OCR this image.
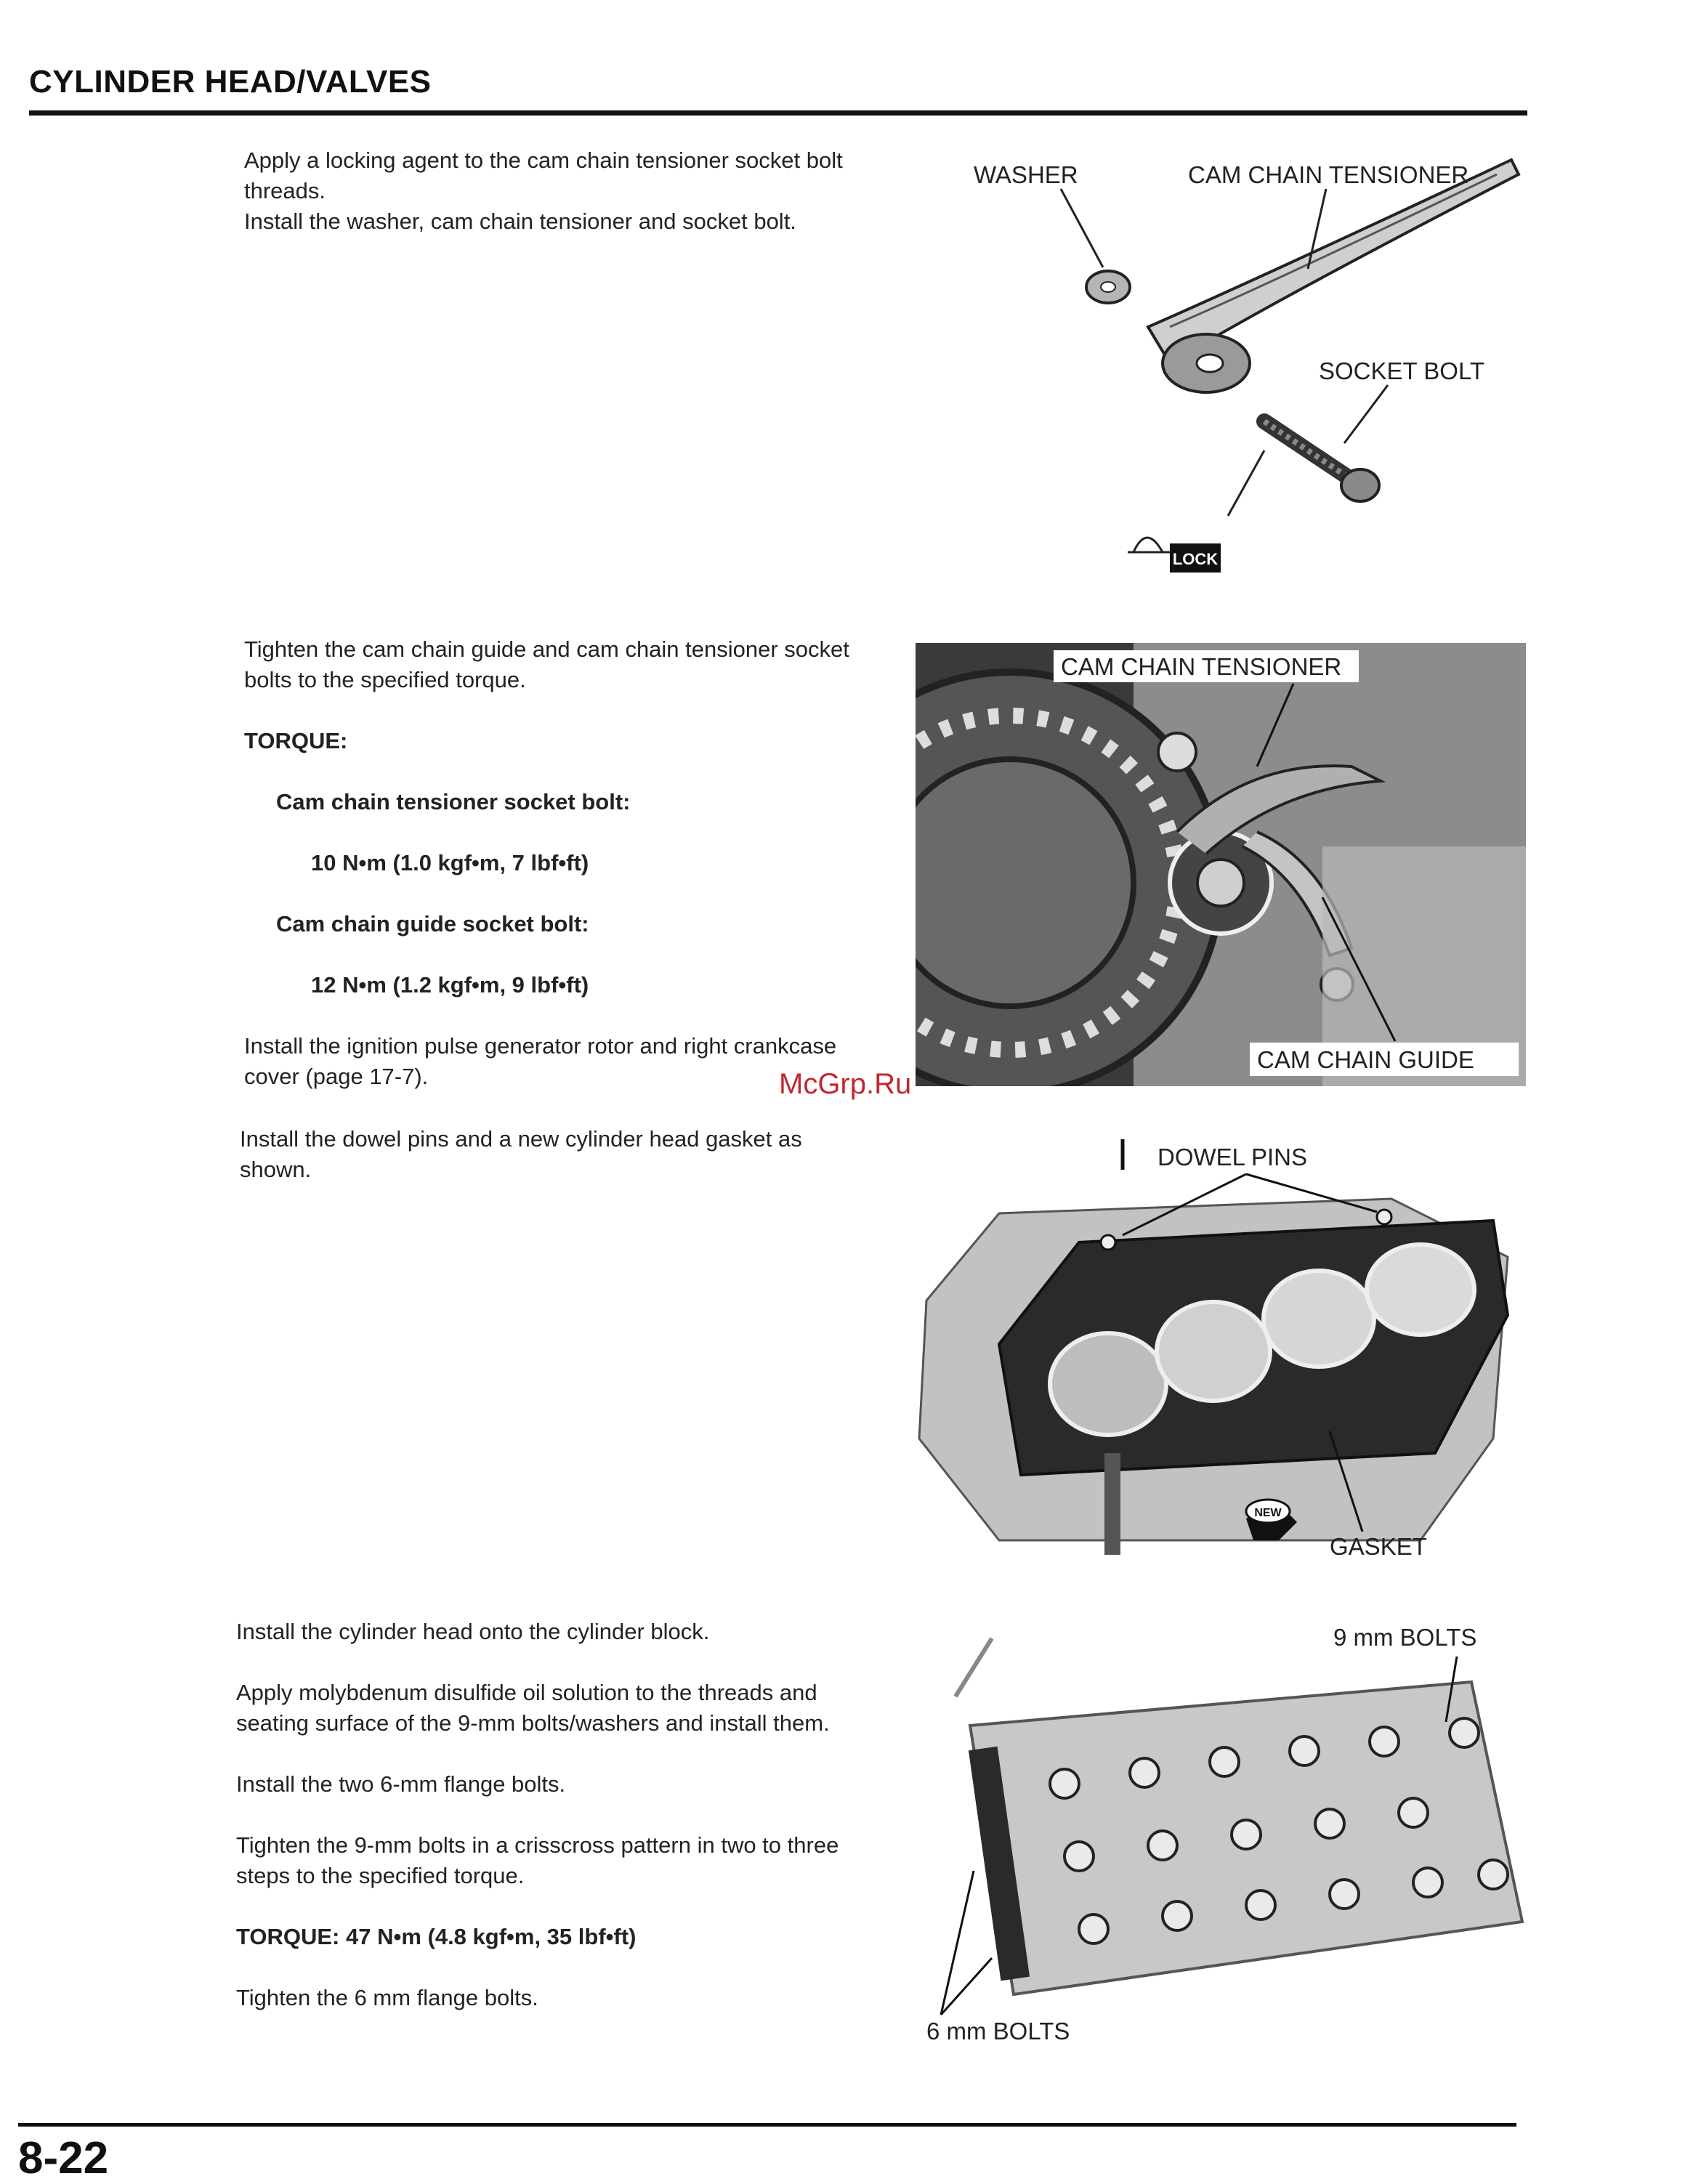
CYLINDER HEAD/VALVES

Apply a locking agent to the cam chain tensioner socket bolt threads.

Install the washer, cam chain tensioner and socket bolt.

WASHER	CAM CHAIN TENSIONER
SOCKET BOLT
LOCK

Tighten the cam chain guide and cam chain tensioner socket bolts to the specified torque.

TORQUE:

Cam chain tensioner socket bolt:

10 N•m (1.0 kgf•m, 7 lbf•ft)

Cam chain guide socket bolt:

12 N•m (1.2 kgf•m, 9 lbf•ft)

Install the ignition pulse generator rotor and right crankcase cover (page 17-7).

CAM CHAIN TENSIONER
CAM CHAIN GUIDE
McGrp.Ru

Install the dowel pins and a new cylinder head gasket as shown.	DOWEL PINS
GASKET
NEW

Install the cylinder head onto the cylinder block.

Apply molybdenum disulfide oil solution to the threads and seating surface of the 9-mm bolts/washers and install them.

Install the two 6-mm flange bolts.

Tighten the 9-mm bolts in a crisscross pattern in two to three steps to the specified torque.

TORQUE: 47 N•m (4.8 kgf•m, 35 lbf•ft)

Tighten the 6 mm flange bolts.

9 mm BOLTS
6 mm BOLTS
8-22
